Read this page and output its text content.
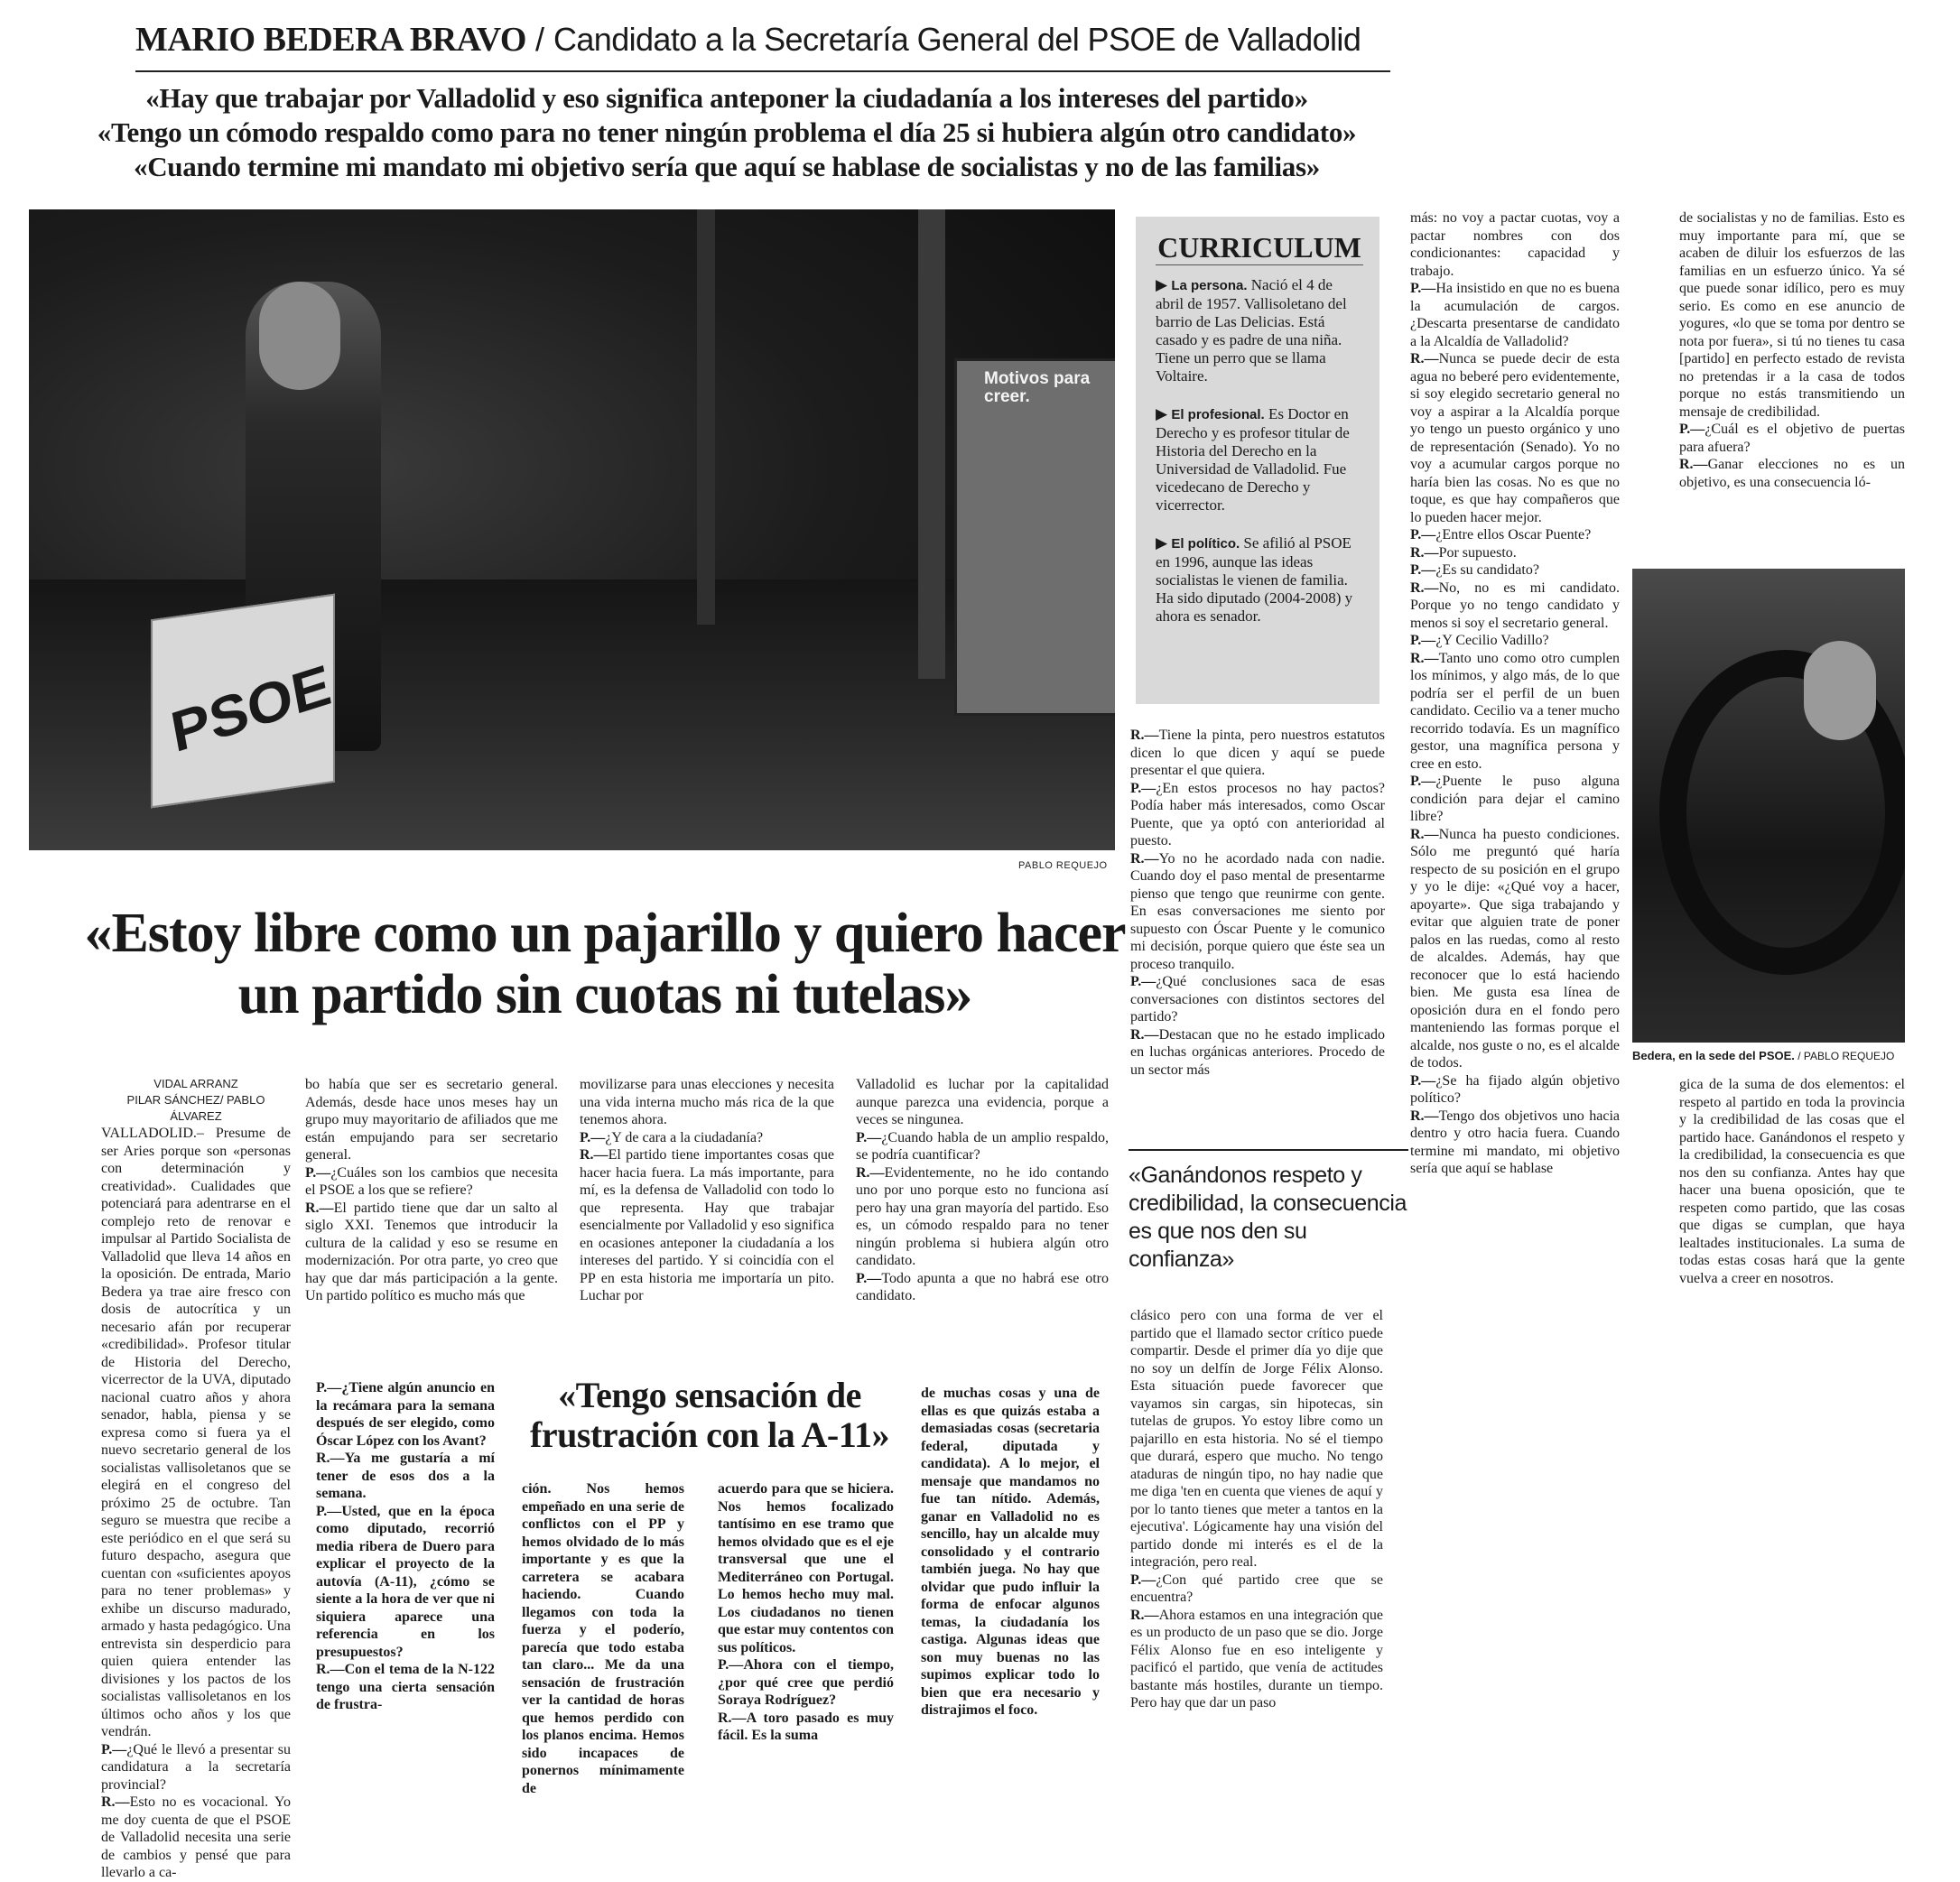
MARIO BEDERA BRAVO / Candidato a la Secretaría General del PSOE de Valladolid
«Hay que trabajar por Valladolid y eso significa anteponer la ciudadanía a los intereses del partido»
«Tengo un cómodo respaldo como para no tener ningún problema el día 25 si hubiera algún otro candidato»
«Cuando termine mi mandato mi objetivo sería que aquí se hablase de socialistas y no de las familias»
Motivos para creer.
PSOE
PABLO REQUEJO
CURRICULUM

▶ La persona. Nació el 4 de abril de 1957. Vallisoletano del barrio de Las Delicias. Está casado y es padre de una niña. Tiene un perro que se llama Voltaire.

▶ El profesional. Es Doctor en Derecho y es profesor titular de Historia del Derecho en la Universidad de Valladolid. Fue vicedecano de Derecho y vicerrector.

▶ El político. Se afilió al PSOE en 1996, aunque las ideas socialistas le vienen de familia. Ha sido diputado (2004-2008) y ahora es senador.

«Estoy libre como un pajarillo y quiero hacer un partido sin cuotas ni tutelas»
VIDAL ARRANZ
PILAR SÁNCHEZ/ PABLO ÁLVAREZ

VALLADOLID.– Presume de ser Aries porque son «personas con determinación y creatividad». Cualidades que potenciará para adentrarse en el complejo reto de renovar e impulsar al Partido Socialista de Valladolid que lleva 14 años en la oposición. De entrada, Mario Bedera ya trae aire fresco con dosis de autocrítica y un necesario afán por recuperar «credibilidad». Profesor titular de Historia del Derecho, vicerrector de la UVA, diputado nacional cuatro años y ahora senador, habla, piensa y se expresa como si fuera ya el nuevo secretario general de los socialistas vallisoletanos que se elegirá en el congreso del próximo 25 de octubre. Tan seguro se muestra que recibe a este periódico en el que será su futuro despacho, asegura que cuentan con «suficientes apoyos para no tener problemas» y exhibe un discurso madurado, armado y hasta pedagógico. Una entrevista sin desperdicio para quien quiera entender las divisiones y los pactos de los socialistas vallisoletanos en los últimos ocho años y los que vendrán.

P.—¿Qué le llevó a presentar su candidatura a la secretaría provincial?

R.—Esto no es vocacional. Yo me doy cuenta de que el PSOE de Valladolid necesita una serie de cambios y pensé que para llevarlo a ca-

bo había que ser es secretario general. Además, desde hace unos meses hay un grupo muy mayoritario de afiliados que me están empujando para ser secretario general.

P.—¿Cuáles son los cambios que necesita el PSOE a los que se refiere?

R.—El partido tiene que dar un salto al siglo XXI. Tenemos que introducir la cultura de la calidad y eso se resume en modernización. Por otra parte, yo creo que hay que dar más participación a la gente. Un partido político es mucho más que

movilizarse para unas elecciones y necesita una vida interna mucho más rica de la que tenemos ahora.

P.—¿Y de cara a la ciudadanía?

R.—El partido tiene importantes cosas que hacer hacia fuera. La más importante, para mí, es la defensa de Valladolid con todo lo que representa. Hay que trabajar esencialmente por Valladolid y eso significa en ocasiones anteponer la ciudadanía a los intereses del partido. Y si coincidía con el PP en esta historia me importaría un pito. Luchar por

Valladolid es luchar por la capitalidad aunque parezca una evidencia, porque a veces se ningunea.

P.—¿Cuando habla de un amplio respaldo, se podría cuantificar?

R.—Evidentemente, no he ido contando uno por uno porque esto no funciona así pero hay una gran mayoría del partido. Eso es, un cómodo respaldo para no tener ningún problema si hubiera algún otro candidato.

P.—Todo apunta a que no habrá ese otro candidato.

P.—¿Tiene algún anuncio en la recámara para la semana después de ser elegido, como Óscar López con los Avant?

R.—Ya me gustaría a mí tener de esos dos a la semana.

P.—Usted, que en la época como diputado, recorrió media ribera de Duero para explicar el proyecto de la autovía (A-11), ¿cómo se siente a la hora de ver que ni siquiera aparece una referencia en los presupuestos?

R.—Con el tema de la N-122 tengo una cierta sensación de frustra-

«Tengo sensación de frustración con la A-11»

ción. Nos hemos empeñado en una serie de conflictos con el PP y hemos olvidado de lo más importante y es que la carretera se acabara haciendo. Cuando llegamos con toda la fuerza y el poderío, parecía que todo estaba tan claro... Me da una sensación de frustración ver la cantidad de horas que hemos perdido con los planos encima. Hemos sido incapaces de ponernos mínimamente de

acuerdo para que se hiciera. Nos hemos focalizado tantísimo en ese tramo que hemos olvidado que es el eje transversal que une el Mediterráneo con Portugal. Lo hemos hecho muy mal. Los ciudadanos no tienen que estar muy contentos con sus políticos.

P.—Ahora con el tiempo, ¿por qué cree que perdió Soraya Rodríguez?

R.—A toro pasado es muy fácil. Es la suma

de muchas cosas y una de ellas es que quizás estaba a demasiadas cosas (secretaria federal, diputada y candidata). A lo mejor, el mensaje que mandamos no fue tan nítido. Además, ganar en Valladolid no es sencillo, hay un alcalde muy consolidado y el contrario también juega. No hay que olvidar que pudo influir la forma de enfocar algunos temas, la ciudadanía los castiga. Algunas ideas que son muy buenas no las supimos explicar todo lo bien que era necesario y distrajimos el foco.

R.—Tiene la pinta, pero nuestros estatutos dicen lo que dicen y aquí se puede presentar el que quiera.

P.—¿En estos procesos no hay pactos? Podía haber más interesados, como Oscar Puente, que ya optó con anterioridad al puesto.

R.—Yo no he acordado nada con nadie. Cuando doy el paso mental de presentarme pienso que tengo que reunirme con gente. En esas conversaciones me siento por supuesto con Óscar Puente y le comunico mi decisión, porque quiero que éste sea un proceso tranquilo.

P.—¿Qué conclusiones saca de esas conversaciones con distintos sectores del partido?

R.—Destacan que no he estado implicado en luchas orgánicas anteriores. Procedo de un sector más

«Ganándonos respeto y credibilidad, la consecuencia es que nos den su confianza»

clásico pero con una forma de ver el partido que el llamado sector crítico puede compartir. Desde el primer día yo dije que no soy un delfín de Jorge Félix Alonso. Esta situación puede favorecer que vayamos sin cargas, sin hipotecas, sin tutelas de grupos. Yo estoy libre como un pajarillo en esta historia. No sé el tiempo que durará, espero que mucho. No tengo ataduras de ningún tipo, no hay nadie que me diga 'ten en cuenta que vienes de aquí y por lo tanto tienes que meter a tantos en la ejecutiva'. Lógicamente hay una visión del partido donde mi interés es el de la integración, pero real.

P.—¿Con qué partido cree que se encuentra?

R.—Ahora estamos en una integración que es un producto de un paso que se dio. Jorge Félix Alonso fue en eso inteligente y pacificó el partido, que venía de actitudes bastante más hostiles, durante un tiempo. Pero hay que dar un paso

más: no voy a pactar cuotas, voy a pactar nombres con dos condicionantes: capacidad y trabajo.

P.—Ha insistido en que no es buena la acumulación de cargos. ¿Descarta presentarse de candidato a la Alcaldía de Valladolid?

R.—Nunca se puede decir de esta agua no beberé pero evidentemente, si soy elegido secretario general no voy a aspirar a la Alcaldía porque yo tengo un puesto orgánico y uno de representación (Senado). Yo no voy a acumular cargos porque no haría bien las cosas. No es que no toque, es que hay compañeros que lo pueden hacer mejor.

P.—¿Entre ellos Oscar Puente?

R.—Por supuesto.

P.—¿Es su candidato?

R.—No, no es mi candidato. Porque yo no tengo candidato y menos si soy el secretario general.

P.—¿Y Cecilio Vadillo?

R.—Tanto uno como otro cumplen los mínimos, y algo más, de lo que podría ser el perfil de un buen candidato. Cecilio va a tener mucho recorrido todavía. Es un magnífico gestor, una magnífica persona y cree en esto.

P.—¿Puente le puso alguna condición para dejar el camino libre?

R.—Nunca ha puesto condiciones. Sólo me preguntó qué haría respecto de su posición en el grupo y yo le dije: «¿Qué voy a hacer, apoyarte». Que siga trabajando y evitar que alguien trate de poner palos en las ruedas, como al resto de alcaldes. Además, hay que reconocer que lo está haciendo bien. Me gusta esa línea de oposición dura en el fondo pero manteniendo las formas porque el alcalde, nos guste o no, es el alcalde de todos.

P.—¿Se ha fijado algún objetivo político?

R.—Tengo dos objetivos uno hacia dentro y otro hacia fuera. Cuando termine mi mandato, mi objetivo sería que aquí se hablase

de socialistas y no de familias. Esto es muy importante para mí, que se acaben de diluir los esfuerzos de las familias en un esfuerzo único. Ya sé que puede sonar idílico, pero es muy serio. Es como en ese anuncio de yogures, «lo que se toma por dentro se nota por fuera», si tú no tienes tu casa [partido] en perfecto estado de revista no pretendas ir a la casa de todos porque no estás transmitiendo un mensaje de credibilidad.

P.—¿Cuál es el objetivo de puertas para afuera?

R.—Ganar elecciones no es un objetivo, es una consecuencia ló-

Bedera, en la sede del PSOE. / PABLO REQUEJO

gica de la suma de dos elementos: el respeto al partido en toda la provincia y la credibilidad de las cosas que el partido hace. Ganándonos el respeto y la credibilidad, la consecuencia es que nos den su confianza. Antes hay que hacer una buena oposición, que te respeten como partido, que las cosas que digas se cumplan, que haya lealtades institucionales. La suma de todas estas cosas hará que la gente vuelva a creer en nosotros.
